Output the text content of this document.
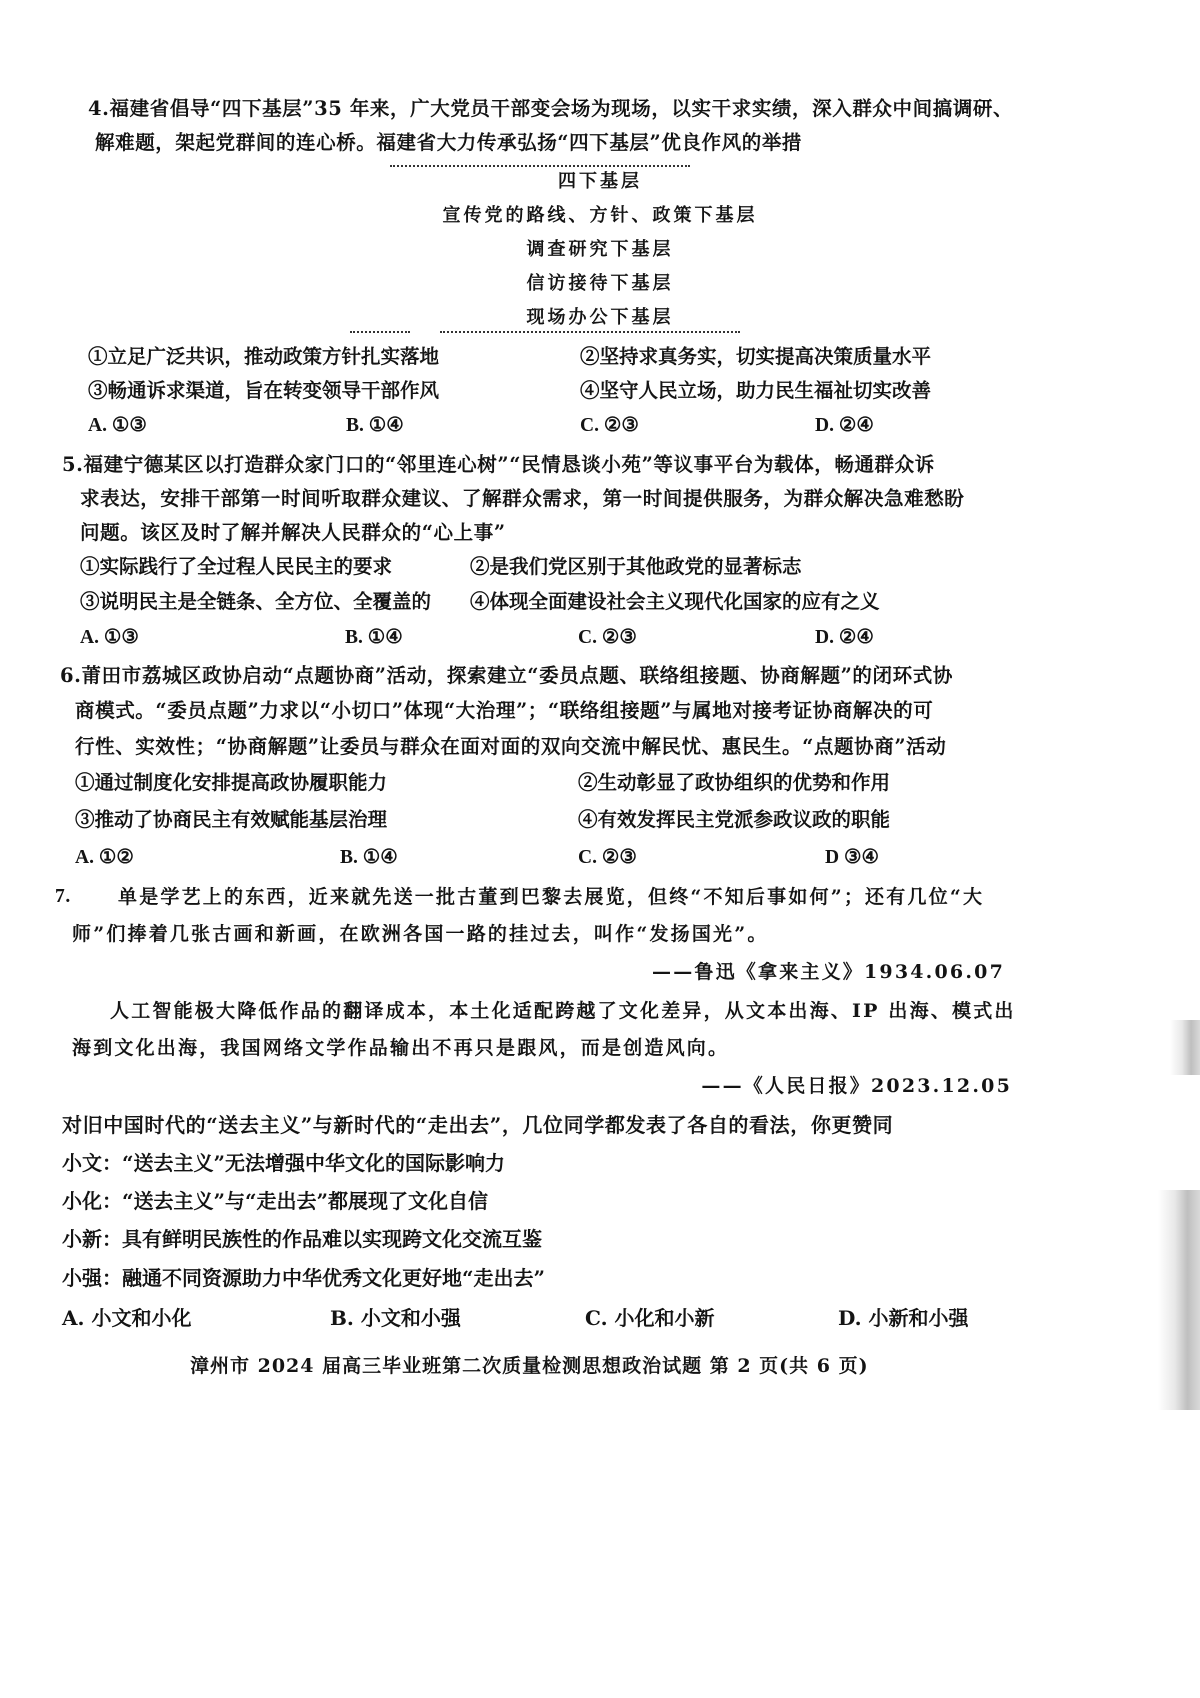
4.福建省倡导“四下基层”35 年来，广大党员干部变会场为现场，以实干求实绩，深入群众中间搞调研、
解难题，架起党群间的连心桥。福建省大力传承弘扬“四下基层”优良作风的举措
四下基层
宣传党的路线、方针、政策下基层
调查研究下基层
信访接待下基层
现场办公下基层
①立足广泛共识，推动政策方针扎实落地	②坚持求真务实，切实提高决策质量水平
③畅通诉求渠道，旨在转变领导干部作风	④坚守人民立场，助力民生福祉切实改善
A. ①③	B. ①④	C. ②③	D. ②④
5.福建宁德某区以打造群众家门口的“邻里连心树”“民情恳谈小苑”等议事平台为载体，畅通群众诉
求表达，安排干部第一时间听取群众建议、了解群众需求，第一时间提供服务，为群众解决急难愁盼
问题。该区及时了解并解决人民群众的“心上事”
①实际践行了全过程人民民主的要求	②是我们党区别于其他政党的显著标志
③说明民主是全链条、全方位、全覆盖的 ④体现全面建设社会主义现代化国家的应有之义
A. ①③	B. ①④	C. ②③	D. ②④
6.莆田市荔城区政协启动“点题协商”活动，探索建立“委员点题、联络组接题、协商解题”的闭环式协
商模式。“委员点题”力求以“小切口”体现“大治理”；“联络组接题”与属地对接考证协商解决的可
行性、实效性；“协商解题”让委员与群众在面对面的双向交流中解民忧、惠民生。“点题协商”活动
①通过制度化安排提高政协履职能力	②生动彰显了政协组织的优势和作用
③推动了协商民主有效赋能基层治理	④有效发挥民主党派参政议政的职能
A. ①②	B. ①④	C. ②③	D ③④
7. 单是学艺上的东西，近来就先送一批古董到巴黎去展览，但终“不知后事如何”；还有几位“大
师”们捧着几张古画和新画，在欧洲各国一路的挂过去，叫作“发扬国光”。
——鲁迅《拿来主义》1934.06.07
人工智能极大降低作品的翻译成本，本土化适配跨越了文化差异，从文本出海、IP 出海、模式出
海到文化出海，我国网络文学作品输出不再只是跟风，而是创造风向。
——《人民日报》2023.12.05
对旧中国时代的“送去主义”与新时代的“走出去”，几位同学都发表了各自的看法，你更赞同
小文：“送去主义”无法增强中华文化的国际影响力
小化：“送去主义”与“走出去”都展现了文化自信
小新：具有鲜明民族性的作品难以实现跨文化交流互鉴
小强：融通不同资源助力中华优秀文化更好地“走出去”
A. 小文和小化	B. 小文和小强	C. 小化和小新	D. 小新和小强
漳州市 2024 届高三毕业班第二次质量检测思想政治试题 第 2 页(共 6 页)
